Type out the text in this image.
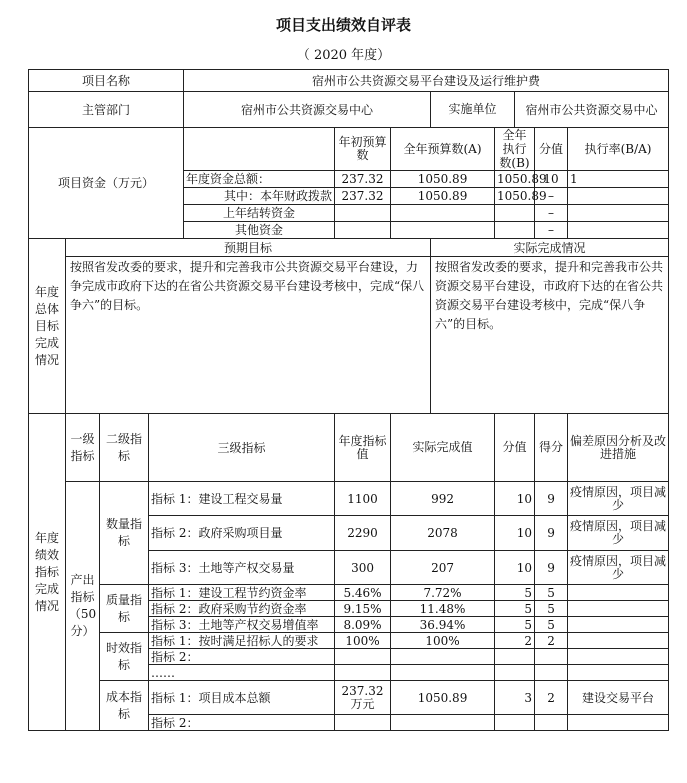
项目支出绩效自评表
（ 2020 年度）
项目名称				宿州市公共资源交易平台建设及运行维护费							
主管部门				宿州市公共资源交易中心			实施单位		宿州市公共资源交易中心		
项目资金（万元）					年初预算数	全年预算数(A)		全年执行数(B)		分值	执行率(B/A)
				年度资金总额：	237.32	1050.89		1050.89		10	1
				其中：本年财政拨款	237.32	1050.89		1050.89		–	
				上年结转资金						–	
				其他资金						–	
年度总体目标完成情况	预期目标						实际完成情况				
	按照省发改委的要求，提升和完善我市公共资源交易平台建设，力争完成市政府下达的在省公共资源交易平台建设考核中，完成“保八争六”的目标。						按照省发改委的要求，提升和完善我市公共资源交易平台建设，市政府下达的在省公共资源交易平台建设考核中，完成“保八争六”的目标。				
年度绩效指标完成情况	一级指标	二级指标	三级指标		年度指标值	实际完成值		分值		得分	偏差原因分析及改进措施
	产出指标（50分）	数量指标	指标 1：建设工程交易量		1100	992		10		9	疫情原因，项目减少
			指标 2：政府采购项目量		2290	2078		10		9	疫情原因，项目减少
			指标 3：土地等产权交易量		300	207		10		9	疫情原因，项目减少
		质量指标	指标 1：建设工程节约资金率		5.46%	7.72%		5		5	
			指标 2：政府采购节约资金率		9.15%	11.48%		5		5	
			指标 3：土地等产权交易增值率		8.09%	36.94%		5		5	
		时效指标	指标 1：按时满足招标人的要求		100%	100%		2		2	
			指标 2：								
			……								
		成本指标	指标 1：项目成本总额		237.32万元	1050.89		3		2	建设交易平台
			指标 2：								
